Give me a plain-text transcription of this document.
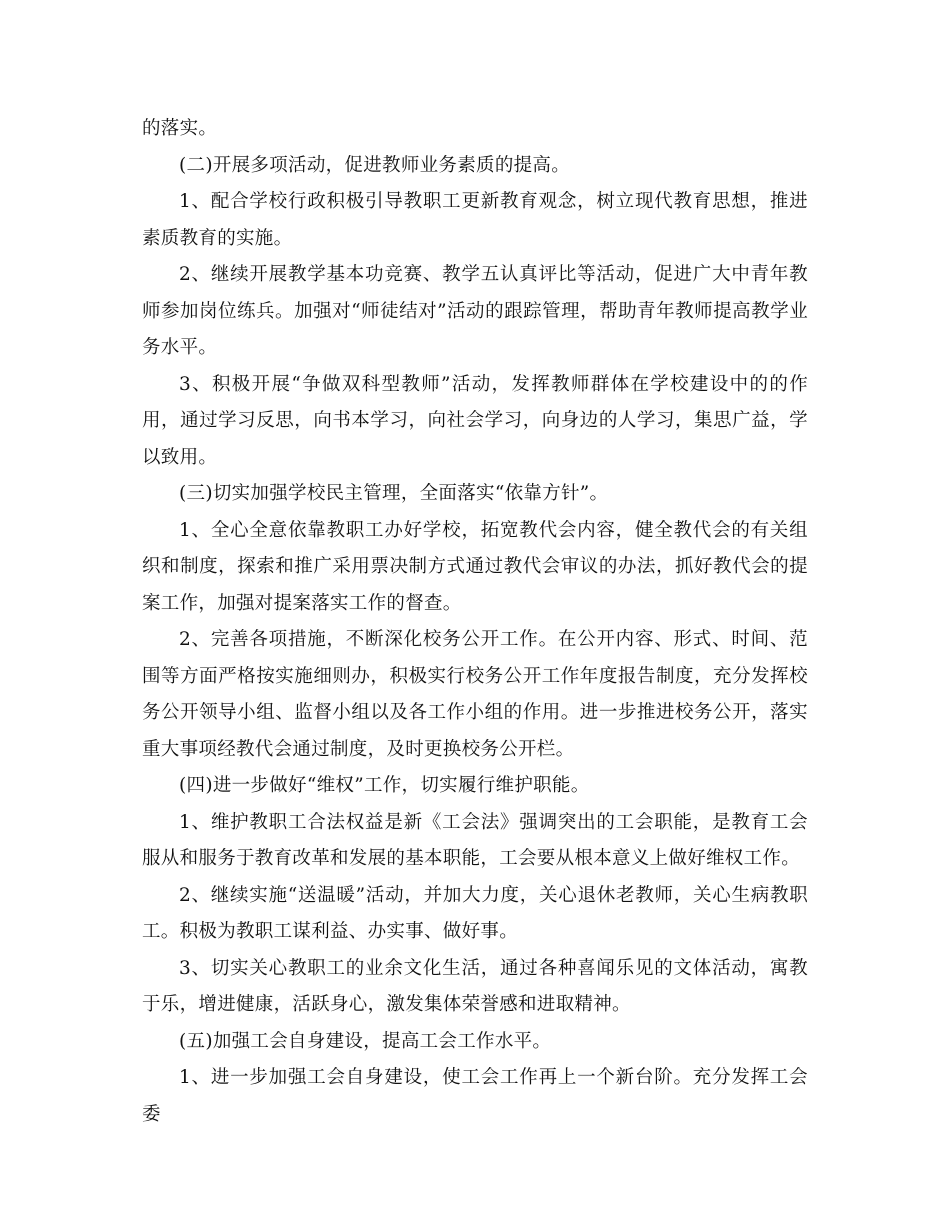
的落实。

(二)开展多项活动，促进教师业务素质的提高。

1、配合学校行政积极引导教职工更新教育观念，树立现代教育思想，推进素质教育的实施。

2、继续开展教学基本功竞赛、教学五认真评比等活动，促进广大中青年教师参加岗位练兵。加强对“师徒结对”活动的跟踪管理，帮助青年教师提高教学业务水平。

3、积极开展“争做双科型教师”活动，发挥教师群体在学校建设中的的作用，通过学习反思，向书本学习，向社会学习，向身边的人学习，集思广益，学以致用。

(三)切实加强学校民主管理，全面落实“依靠方针”。

1、全心全意依靠教职工办好学校，拓宽教代会内容，健全教代会的有关组织和制度，探索和推广采用票决制方式通过教代会审议的办法，抓好教代会的提案工作，加强对提案落实工作的督查。

2、完善各项措施，不断深化校务公开工作。在公开内容、形式、时间、范围等方面严格按实施细则办，积极实行校务公开工作年度报告制度，充分发挥校务公开领导小组、监督小组以及各工作小组的作用。进一步推进校务公开，落实重大事项经教代会通过制度，及时更换校务公开栏。

(四)进一步做好“维权”工作，切实履行维护职能。

1、维护教职工合法权益是新《工会法》强调突出的工会职能，是教育工会服从和服务于教育改革和发展的基本职能，工会要从根本意义上做好维权工作。

2、继续实施“送温暖”活动，并加大力度，关心退休老教师，关心生病教职工。积极为教职工谋利益、办实事、做好事。

3、切实关心教职工的业余文化生活，通过各种喜闻乐见的文体活动，寓教于乐，增进健康，活跃身心，激发集体荣誉感和进取精神。

(五)加强工会自身建设，提高工会工作水平。

1、进一步加强工会自身建设，使工会工作再上一个新台阶。充分发挥工会委
